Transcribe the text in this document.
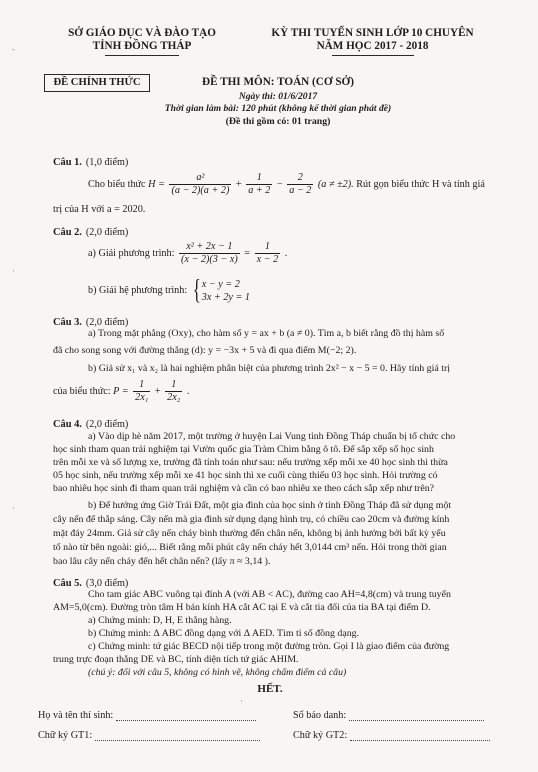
SỞ GIÁO DỤC VÀ ĐÀO TẠO
TỈNH ĐỒNG THÁP
KỲ THI TUYỂN SINH LỚP 10 CHUYÊN
NĂM HỌC 2017 - 2018
ĐỀ CHÍNH THỨC	ĐỀ THI MÔN: TOÁN (CƠ SỞ)
Ngày thi: 01/6/2017
Thời gian làm bài: 120 phút (không kể thời gian phát đề)
(Đề thi gồm có: 01 trang)
Câu 1. (1,0 điểm)
Cho biểu thức $H = \frac{\text{a²}}{(a - 2)(a + 2)} + \frac{1}{a + 2} - \frac{2}{a - 2} (a \ne \pm 2)$. Rút gọn biểu thức H và tính giá
trị của H với a = 2020.
Câu 2. (2,0 điểm)
a) Giải phương trình: $\frac{\text{x² + 2x − 1}}{(x - 2)(3 - x)} = \frac{1}{x - 2}$ .
b) Giải hệ phương trình: { x − y = 2
3x + 2y = 1
Câu 3. (2,0 điểm)
a) Trong mặt phẳng (Oxy), cho hàm số y = ax + b (a ≠ 0). Tìm a, b biết rằng đồ thị hàm số
đã cho song song với đường thẳng (d): y = −3x + 5 và đi qua điểm M(−2; 2).
b) Giả sử x₁ và x₂ là hai nghiệm phân biệt của phương trình 2x² − x − 5 = 0. Hãy tính giá trị
của biểu thức: $P = \frac{1}{\text{2x₁}} + \frac{1}{\text{2x₂}}$ .
Câu 4. (2,0 điểm)
a) Vào dịp hè năm 2017, một trường ở huyện Lai Vung tỉnh Đồng Tháp chuẩn bị tổ chức cho
học sinh tham quan trải nghiệm tại Vườn quốc gia Tràm Chim bằng ô tô. Để sắp xếp số học sinh
trên mỗi xe và số lượng xe, trường đã tính toán như sau: nếu trường xếp mỗi xe 40 học sinh thì thừa
05 học sinh, nếu trường xếp mỗi xe 41 học sinh thì xe cuối cùng thiếu 03 học sinh. Hỏi trường có
bao nhiêu học sinh đi tham quan trải nghiệm và cần có bao nhiêu xe theo cách sắp xếp như trên?
b) Để hưởng ứng Giờ Trái Đất, một gia đình của học sinh ở tỉnh Đồng Tháp đã sử dụng một
cây nến để thắp sáng. Cây nến mà gia đình sử dụng dạng hình trụ, có chiều cao 20cm và đường kính
mặt đáy 24mm. Giả sử cây nến cháy bình thường đến chân nến, không bị ảnh hưởng bởi bất kỳ yếu
tố nào từ bên ngoài: gió,... Biết rằng mỗi phút cây nến cháy hết 3,0144 cm³ nến. Hỏi trong thời gian
bao lâu cây nến cháy đến hết chân nến? (lấy π ≈ 3,14 ).
Câu 5. (3,0 điểm)
Cho tam giác ABC vuông tại đỉnh A (với AB < AC), đường cao AH=4,8(cm) và trung tuyến
AM=5,0(cm). Đường tròn tâm H bán kính HA cắt AC tại E và cắt tia đối của tia BA tại điểm D.
a) Chứng minh: D, H, E thẳng hàng.
b) Chứng minh: Δ ABC đồng dạng với Δ AED. Tìm tỉ số đồng dạng.
c) Chứng minh: tứ giác BECD nội tiếp trong một đường tròn. Gọi I là giao điểm của đường
trung trực đoạn thẳng DE và BC, tính diện tích tứ giác AHIM.
(chú ý: đối với câu 5, không có hình vẽ, không chấm điểm cả câu)
HẾT.
Họ và tên thí sinh:	Số báo danh:
Chữ ký GT1:	Chữ ký GT2:
-
·
·
·
